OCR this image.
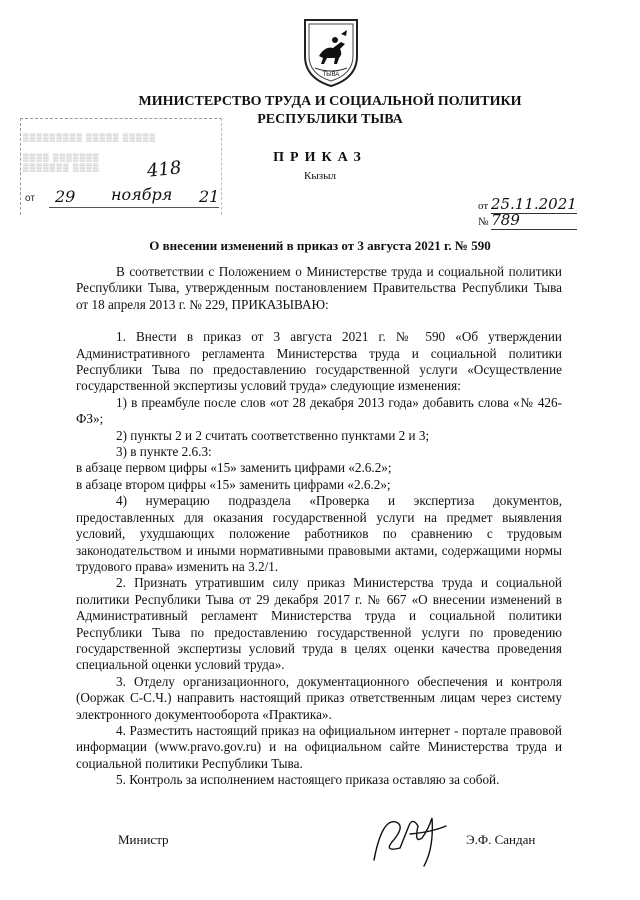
ТЫВА
МИНИСТЕРСТВО ТРУДА И СОЦИАЛЬНОЙ ПОЛИТИКИ
РЕСПУБЛИКИ ТЫВА
▒▒▒▒▒▒▒▒▒ ▒▒▒▒▒ ▒▒▒▒▒
▒▒▒▒ ▒▒▒▒▒▒▒
▒▒▒▒▒▒▒ ▒▒▒▒	418
от 29 ноября 21
ПРИКАЗ
Кызыл
от 25.11.2021
№ 789
О внесении изменений в приказ от 3 августа 2021 г. № 590

В соответствии с Положением о Министерстве труда и социальной политики Республики Тыва, утвержденным постановлением Правительства Республики Тыва от 18 апреля 2013 г. № 229, ПРИКАЗЫВАЮ:

1. Внести в приказ от 3 августа 2021 г. № 590 «Об утверждении Административного регламента Министерства труда и социальной политики Республики Тыва по предоставлению государственной услуги «Осуществление государственной экспертизы условий труда» следующие изменения:

1) в преамбуле после слов «от 28 декабря 2013 года» добавить слова «№ 426-ФЗ»;

2) пункты 2 и 2 считать соответственно пунктами 2 и 3;

3) в пункте 2.6.3:

в абзаце первом цифры «15» заменить цифрами «2.6.2»;

в абзаце втором цифры «15» заменить цифрами «2.6.2»;

4) нумерацию подраздела «Проверка и экспертиза документов, предоставленных для оказания государственной услуги на предмет выявления условий, ухудшающих положение работников по сравнению с трудовым законодательством и иными нормативными правовыми актами, содержащими нормы трудового права» изменить на 3.2/1.

2. Признать утратившим силу приказ Министерства труда и социальной политики Республики Тыва от 29 декабря 2017 г. № 667 «О внесении изменений в Административный регламент Министерства труда и социальной политики Республики Тыва по предоставлению государственной услуги по проведению государственной экспертизы условий труда в целях оценки качества проведения специальной оценки условий труда».

3. Отделу организационного, документационного обеспечения и контроля (Ооржак С-С.Ч.) направить настоящий приказ ответственным лицам через систему электронного документооборота «Практика».

4. Разместить настоящий приказ на официальном интернет - портале правовой информации (www.pravo.gov.ru) и на официальном сайте Министерства труда и социальной политики Республики Тыва.

5. Контроль за исполнением настоящего приказа оставляю за собой.

Министр	Э.Ф. Сандан
